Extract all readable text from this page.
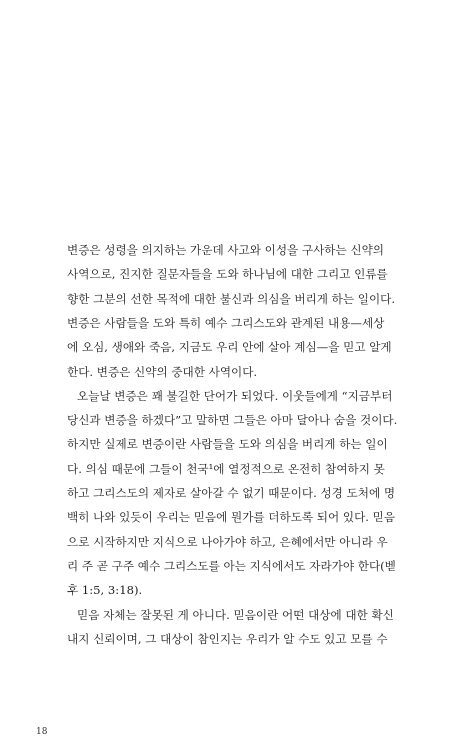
변증은 성령을 의지하는 가운데 사고와 이성을 구사하는 신약의
사역으로, 진지한 질문자들을 도와 하나님에 대한 그리고 인류를
향한 그분의 선한 목적에 대한 불신과 의심을 버리게 하는 일이다.
변증은 사람들을 도와 특히 예수 그리스도와 관계된 내용—세상
에 오심, 생애와 죽음, 지금도 우리 안에 살아 계심—을 믿고 알게
한다. 변증은 신약의 중대한 사역이다.
오늘날 변증은 꽤 불길한 단어가 되었다. 이웃들에게 “지금부터
당신과 변증을 하겠다”고 말하면 그들은 아마 달아나 숨을 것이다.
하지만 실제로 변증이란 사람들을 도와 의심을 버리게 하는 일이
다. 의심 때문에 그들이 천국¹에 열정적으로 온전히 참여하지 못
하고 그리스도의 제자로 살아갈 수 없기 때문이다. 성경 도처에 명
백히 나와 있듯이 우리는 믿음에 뭔가를 더하도록 되어 있다. 믿음
으로 시작하지만 지식으로 나아가야 하고, 은혜에서만 아니라 우
리 주 곧 구주 예수 그리스도를 아는 지식에서도 자라가야 한다(벧
후 1:5, 3:18).
믿음 자체는 잘못된 게 아니다. 믿음이란 어떤 대상에 대한 확신
내지 신뢰이며, 그 대상이 참인지는 우리가 알 수도 있고 모를 수
18
